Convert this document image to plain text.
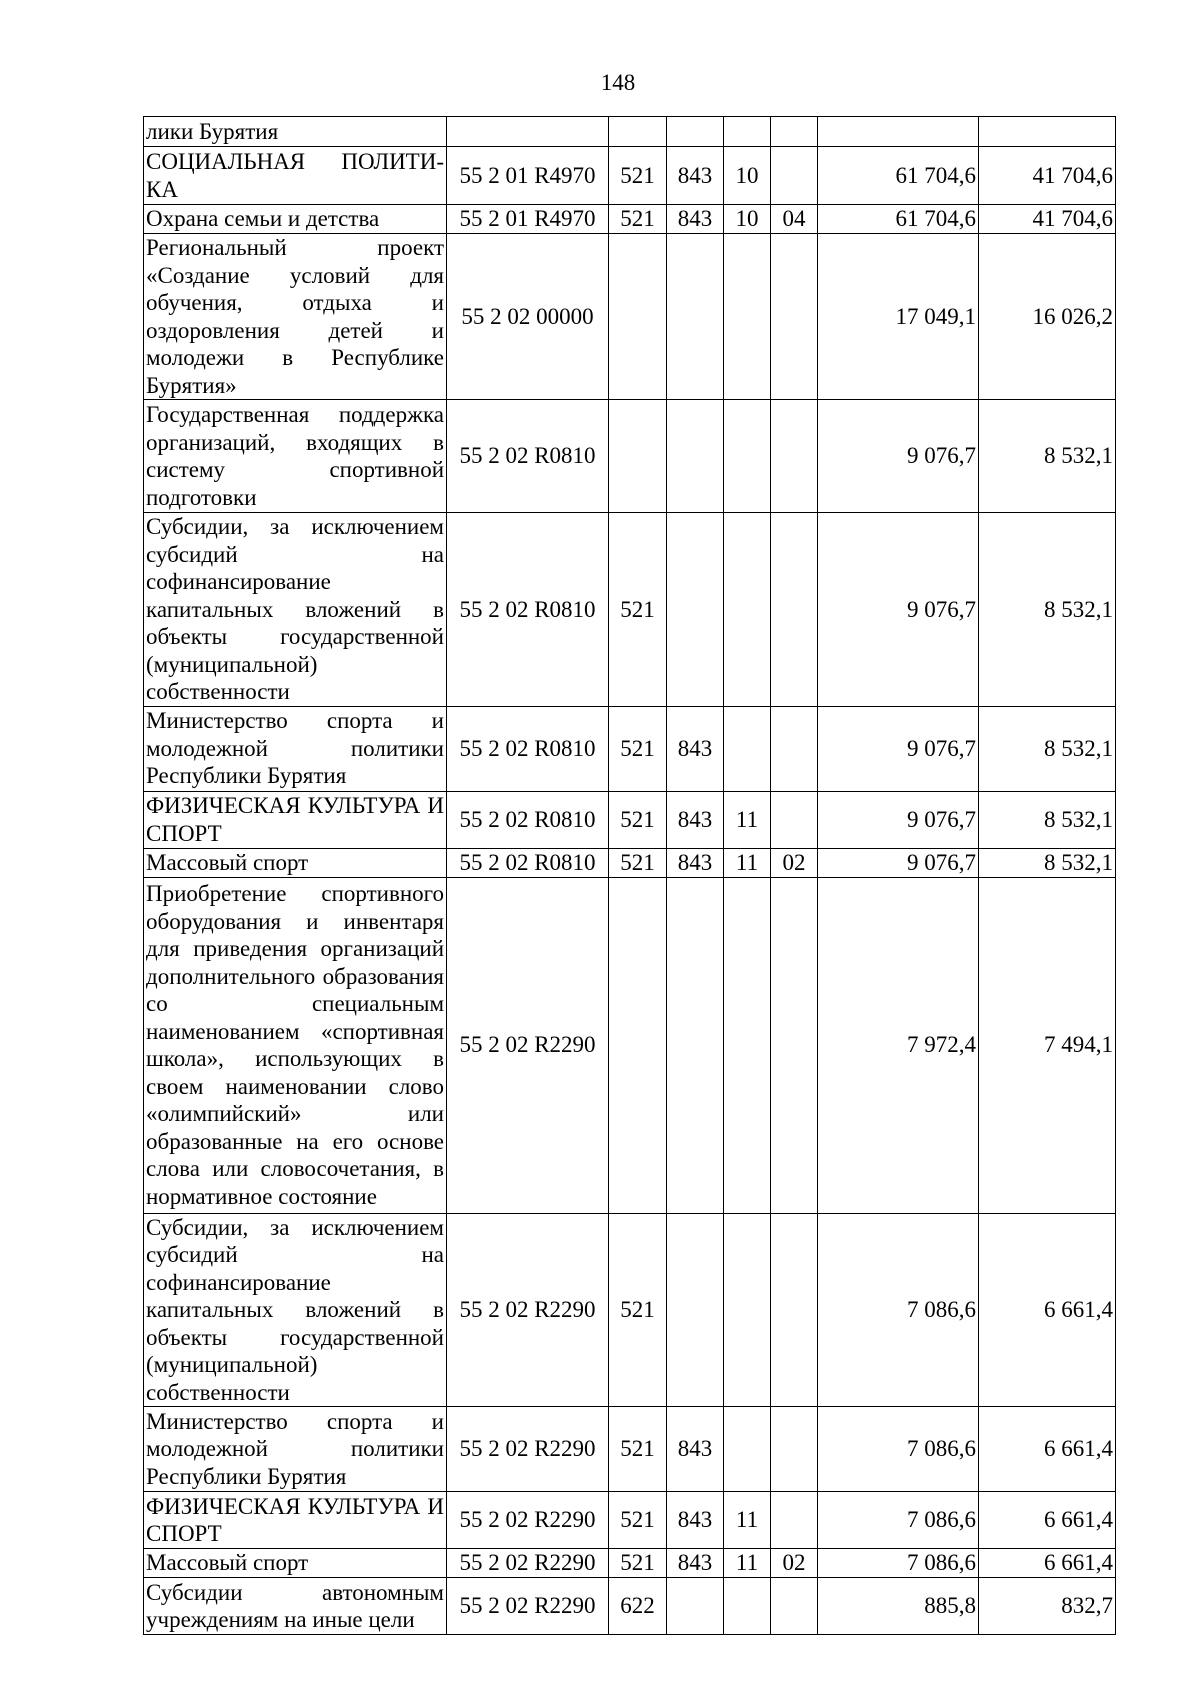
148
лики Бурятия							
СОЦИАЛЬНАЯ ПОЛИТИ-КА	55 2 01 R4970	521	843	10		61 704,6	41 704,6
Охрана семьи и детства	55 2 01 R4970	521	843	10	04	61 704,6	41 704,6
Региональный проект «Создание условий для обучения, отдыха и оздоровления детей и молодежи в Республике Бурятия»	55 2 02 00000					17 049,1	16 026,2
Государственная поддержка организаций, входящих в систему спортивной подготовки	55 2 02 R0810					9 076,7	8 532,1
Субсидии, за исключением субсидий на софинансирование капитальных вложений в объекты государственной (муниципальной) собственности	55 2 02 R0810	521				9 076,7	8 532,1
Министерство спорта и молодежной политики Республики Бурятия	55 2 02 R0810	521	843			9 076,7	8 532,1
ФИЗИЧЕСКАЯ КУЛЬТУРА И СПОРТ	55 2 02 R0810	521	843	11		9 076,7	8 532,1
Массовый спорт	55 2 02 R0810	521	843	11	02	9 076,7	8 532,1
Приобретение спортивного оборудования и инвентаря для приведения организаций дополнительного образования со специальным наименованием «спортивная школа», использующих в своем наименовании слово «олимпийский» или образованные на его основе слова или словосочетания, в нормативное состояние	55 2 02 R2290					7 972,4	7 494,1
Субсидии, за исключением субсидий на софинансирование капитальных вложений в объекты государственной (муниципальной) собственности	55 2 02 R2290	521				7 086,6	6 661,4
Министерство спорта и молодежной политики Республики Бурятия	55 2 02 R2290	521	843			7 086,6	6 661,4
ФИЗИЧЕСКАЯ КУЛЬТУРА И СПОРТ	55 2 02 R2290	521	843	11		7 086,6	6 661,4
Массовый спорт	55 2 02 R2290	521	843	11	02	7 086,6	6 661,4
Субсидии автономным учреждениям на иные цели	55 2 02 R2290	622				885,8	832,7
